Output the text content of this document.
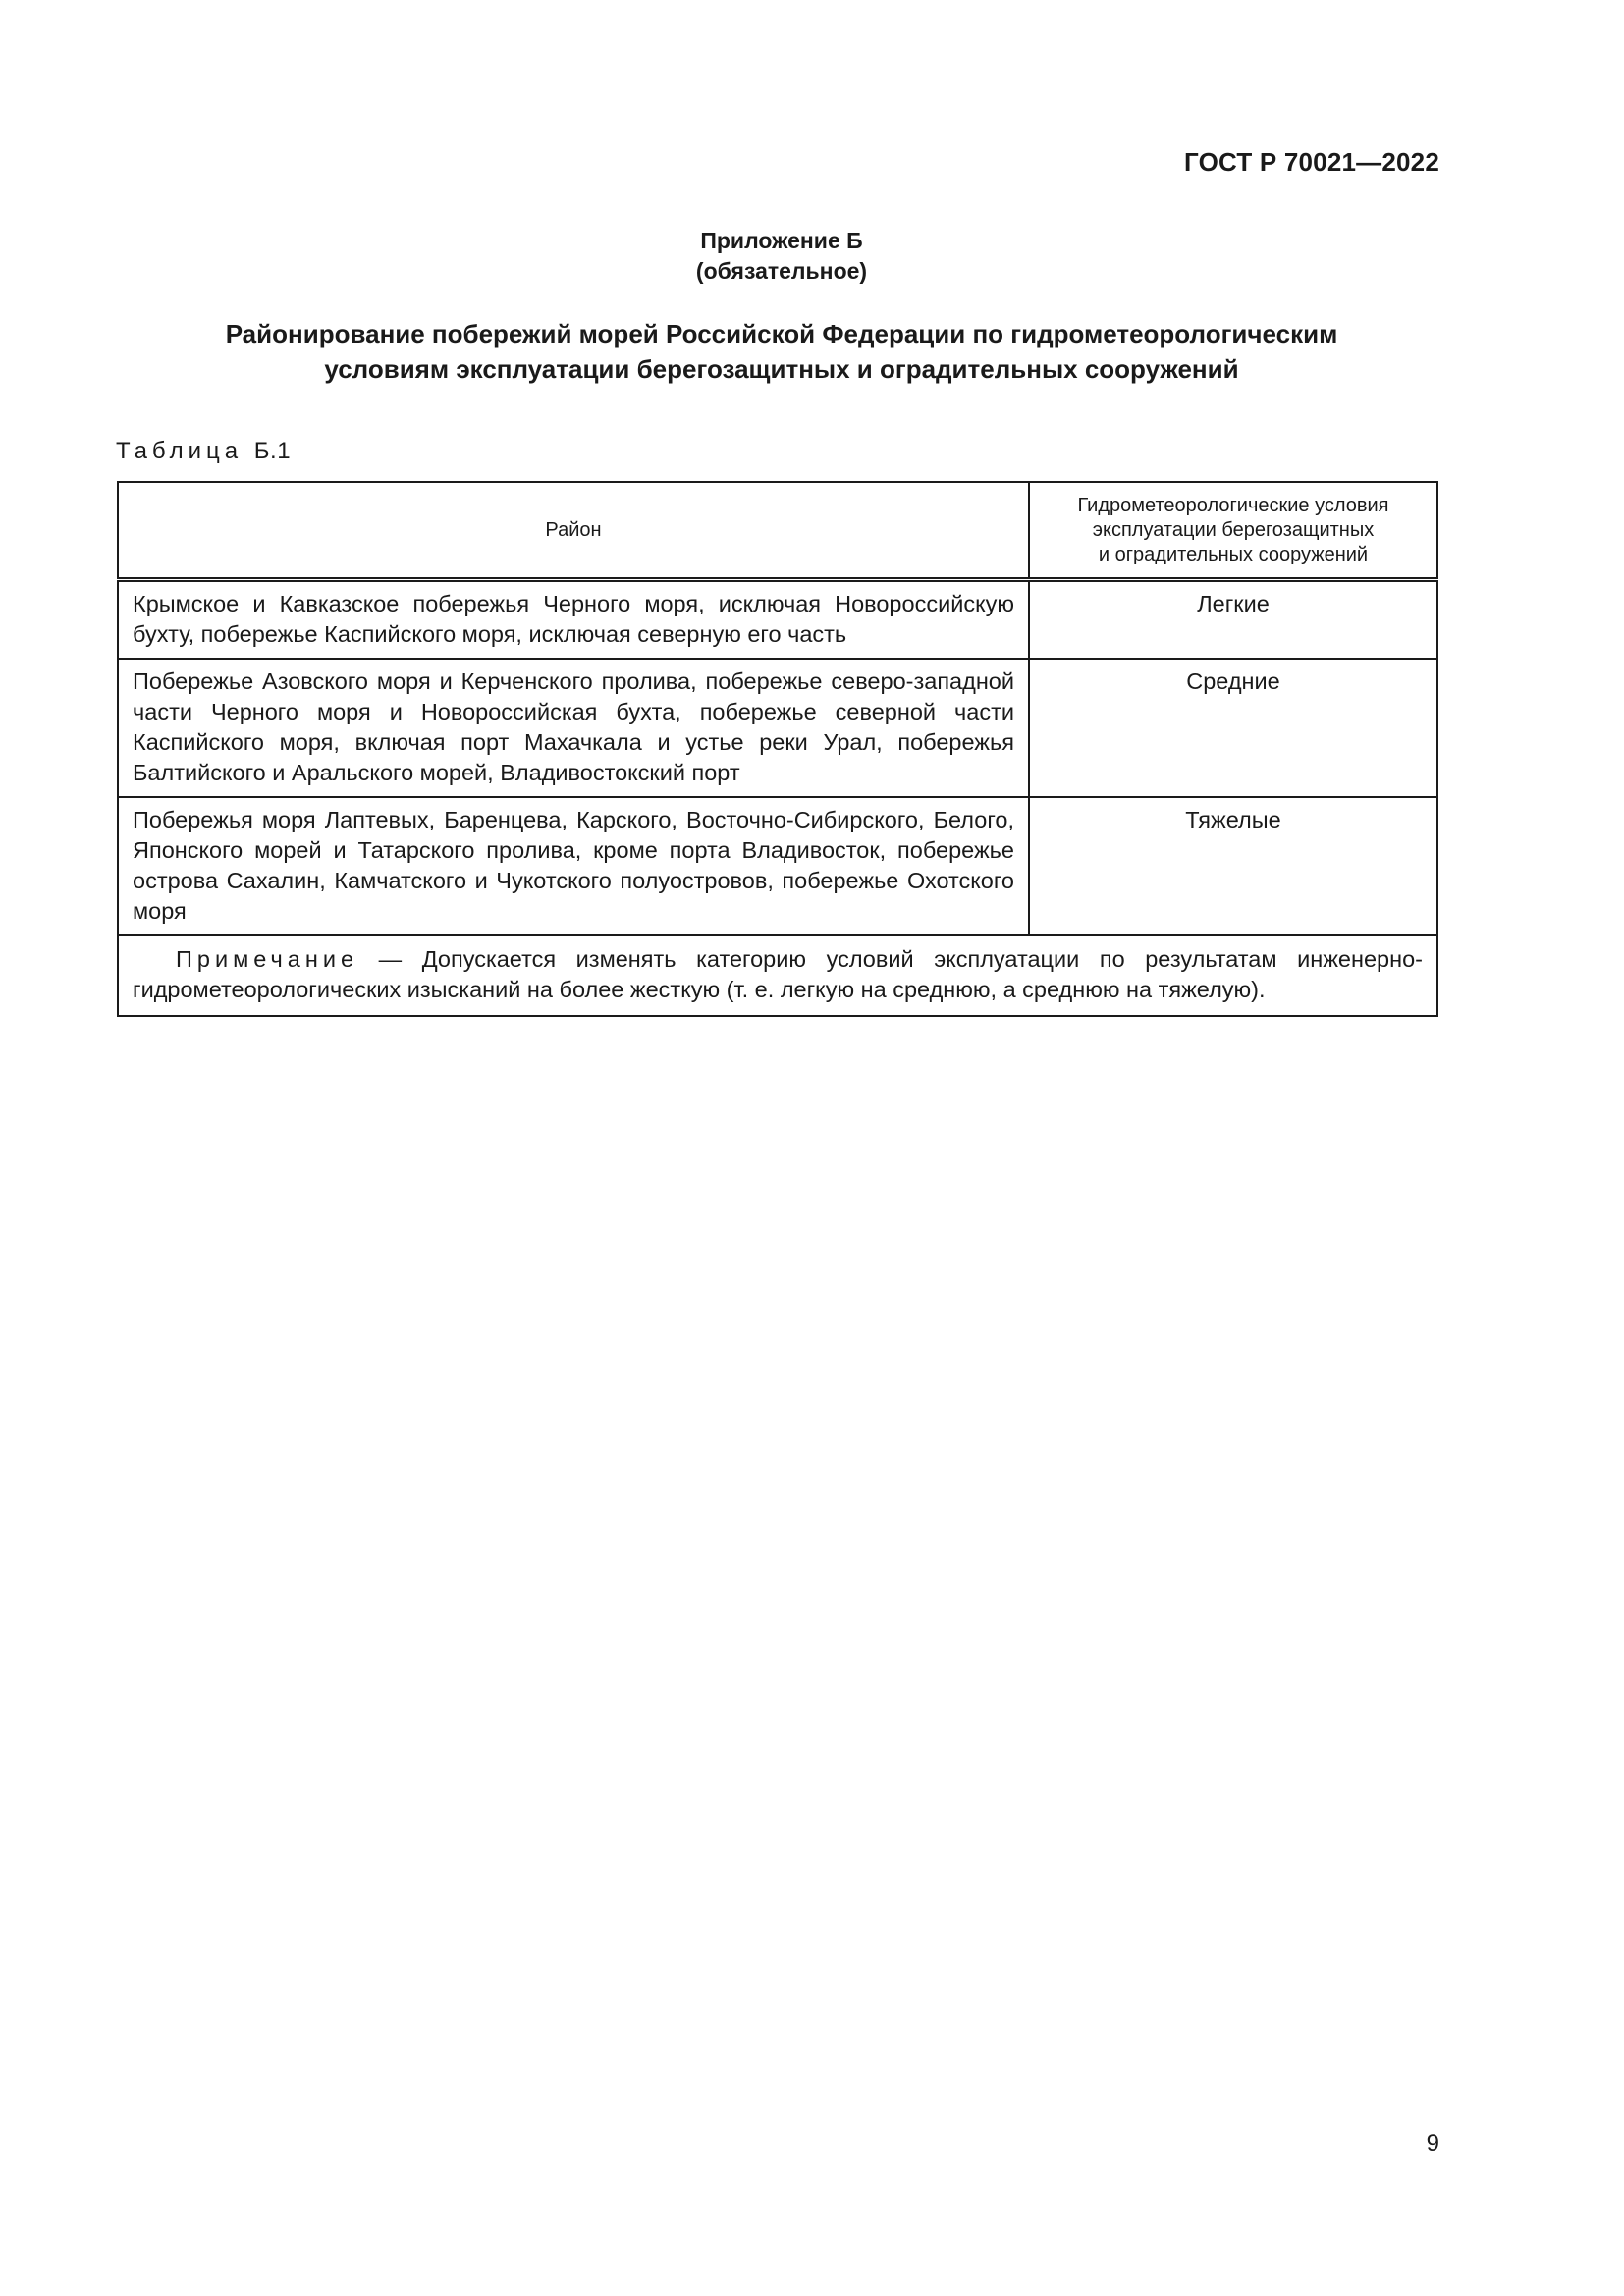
ГОСТ Р 70021—2022
Приложение Б
(обязательное)
Районирование побережий морей Российской Федерации по гидрометеорологическим
условиям эксплуатации берегозащитных и оградительных сооружений
Таблица Б.1
Район	Гидрометеорологические условия
эксплуатации берегозащитных
и оградительных сооружений

Крымское и Кавказское побережья Черного моря, исключая Новороссийскую бухту, побережье Каспийского моря, исключая северную его часть	Легкие
Побережье Азовского моря и Керченского пролива, побережье северо-западной части Черного моря и Новороссийская бухта, побережье северной части Каспийского моря, включая порт Махачкала и устье реки Урал, побережья Балтийского и Аральского морей, Владивостокский порт	Средние
Побережья моря Лаптевых, Баренцева, Карского, Восточно-Сибирского, Белого, Японского морей и Татарского пролива, кроме порта Владивосток, побережье острова Сахалин, Камчатского и Чукотского полуостровов, побережье Охотского моря	Тяжелые
Примечание — Допускается изменять категорию условий эксплуатации по результатам инженерно-гидрометеорологических изысканий на более жесткую (т. е. легкую на среднюю, а среднюю на тяжелую).	
9
